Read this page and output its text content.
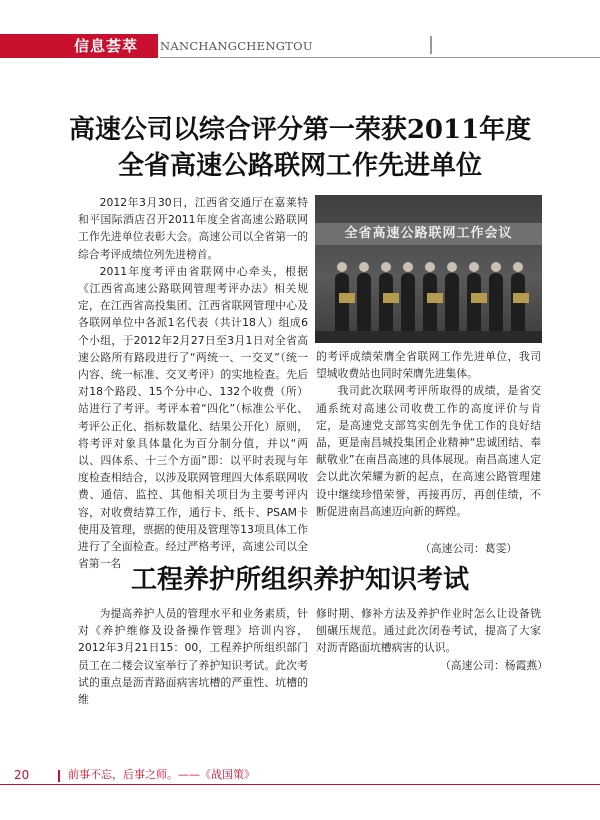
信息荟萃 NANCHANGCHENGTOU
高速公司以综合评分第一荣获2011年度
全省高速公路联网工作先进单位

2012年3月30日，江西省交通厅在嘉莱特和平国际酒店召开2011年度全省高速公路联网工作先进单位表彰大会。高速公司以全省第一的综合考评成绩位列先进榜首。

2011年度考评由省联网中心牵头，根据《江西省高速公路联网管理考评办法》相关规定，在江西省高投集团、江西省联网管理中心及各联网单位中各派1名代表（共计18人）组成6个小组，于2012年2月27日至3月1日对全省高速公路所有路段进行了“两统一、一交叉”（统一内容、统一标准、交叉考评）的实地检查。先后对18个路段、15个分中心、132个收费（所）站进行了考评。考评本着“四化”（标准公平化、考评公正化、指标数量化、结果公开化）原则，将考评对象具体量化为百分制分值，并以“两以、四体系、十三个方面”即：以平时表现与年度检查相结合，以涉及联网管理四大体系联网收费、通信、监控、其他相关项目为主要考评内容，对收费结算工作，通行卡、纸卡、PSAM卡使用及管理，票据的使用及管理等13项具体工作进行了全面检查。经过严格考评，高速公司以全省第一名

全省高速公路联网工作会议

的考评成绩荣膺全省联网工作先进单位，我司望城收费站也同时荣膺先进集体。

我司此次联网考评所取得的成绩，是省交通系统对高速公司收费工作的高度评价与肯定，是高速党支部笃实创先争优工作的良好结晶，更是南昌城投集团企业精神“忠诚团结、奉献敬业”在南昌高速的具体展现。南昌高速人定会以此次荣耀为新的起点，在高速公路管理建设中继续珍惜荣誉，再接再厉，再创佳绩，不断促进南昌高速迈向新的辉煌。

（高速公司：葛雯）
工程养护所组织养护知识考试

为提高养护人员的管理水平和业务素质，针对《养护维修及设备操作管理》培训内容，2012年3月21日15：00，工程养护所组织部门员工在二楼会议室举行了养护知识考试。此次考试的重点是沥青路面病害坑槽的严重性、坑槽的维

修时期、修补方法及养护作业时怎么让设备铣刨碾压规范。通过此次闭卷考试，提高了大家对沥青路面坑槽病害的认识。

（高速公司：杨霞燕）
20	前事不忘，后事之师。——《战国策》
